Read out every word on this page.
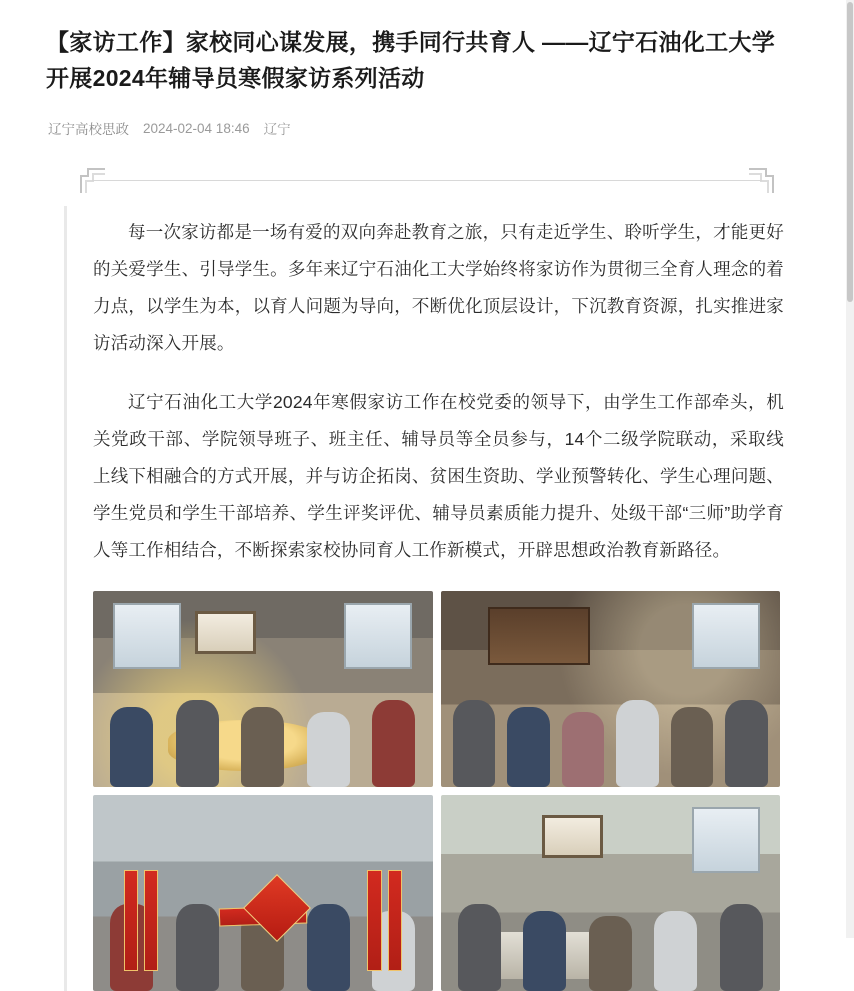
【家访工作】家校同心谋发展，携手同行共育人 ——辽宁石油化工大学开展2024年辅导员寒假家访系列活动
辽宁高校思政 2024-02-04 18:46 辽宁

每一次家访都是一场有爱的双向奔赴教育之旅，只有走近学生、聆听学生，才能更好的关爱学生、引导学生。多年来辽宁石油化工大学始终将家访作为贯彻三全育人理念的着力点，以学生为本，以育人问题为导向，不断优化顶层设计，下沉教育资源，扎实推进家访活动深入开展。

辽宁石油化工大学2024年寒假家访工作在校党委的领导下，由学生工作部牵头，机关党政干部、学院领导班子、班主任、辅导员等全员参与，14个二级学院联动，采取线上线下相融合的方式开展，并与访企拓岗、贫困生资助、学业预警转化、学生心理问题、学生党员和学生干部培养、学生评奖评优、辅导员素质能力提升、处级干部“三师”助学育人等工作相结合，不断探索家校协同育人工作新模式，开辟思想政治教育新路径。
